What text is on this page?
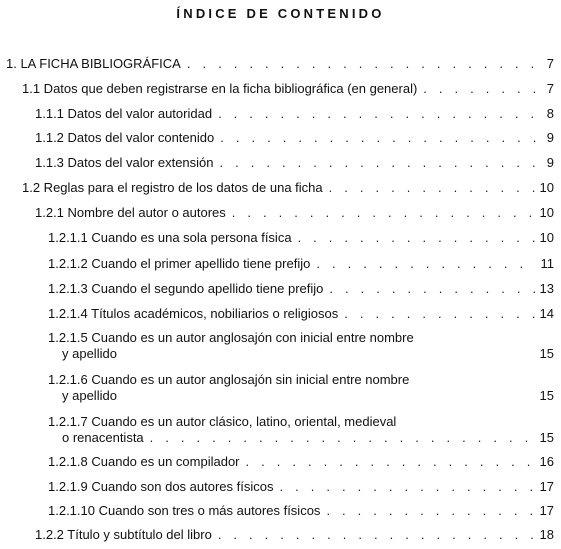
ÍNDICE DE CONTENIDO
1. LA FICHA BIBLIOGRÁFICA . . .	7
1.1 Datos que deben registrarse en la ficha bibliográfica (en general) . . .	7
1.1.1 Datos del valor autoridad . . .	8
1.1.2 Datos del valor contenido . . .	9
1.1.3 Datos del valor extensión . . .	9
1.2 Reglas para el registro de los datos de una ficha . . .	10
1.2.1 Nombre del autor o autores . . .	10
1.2.1.1 Cuando es una sola persona física . . .	10
1.2.1.2 Cuando el primer apellido tiene prefijo . . .	11
1.2.1.3 Cuando el segundo apellido tiene prefijo . . .	13
1.2.1.4 Títulos académicos, nobiliarios o religiosos . . .	14
1.2.1.5 Cuando es un autor anglosajón con inicial entre nombre
y apellido	15
1.2.1.6 Cuando es un autor anglosajón sin inicial entre nombre
y apellido	15
1.2.1.7 Cuando es un autor clásico, latino, oriental, medieval
o renacentista . . .	15
1.2.1.8 Cuando es un compilador . . .	16
1.2.1.9 Cuando son dos autores físicos . . .	17
1.2.1.10 Cuando son tres o más autores físicos . . .	17
1.2.2 Título y subtítulo del libro . . .	18
